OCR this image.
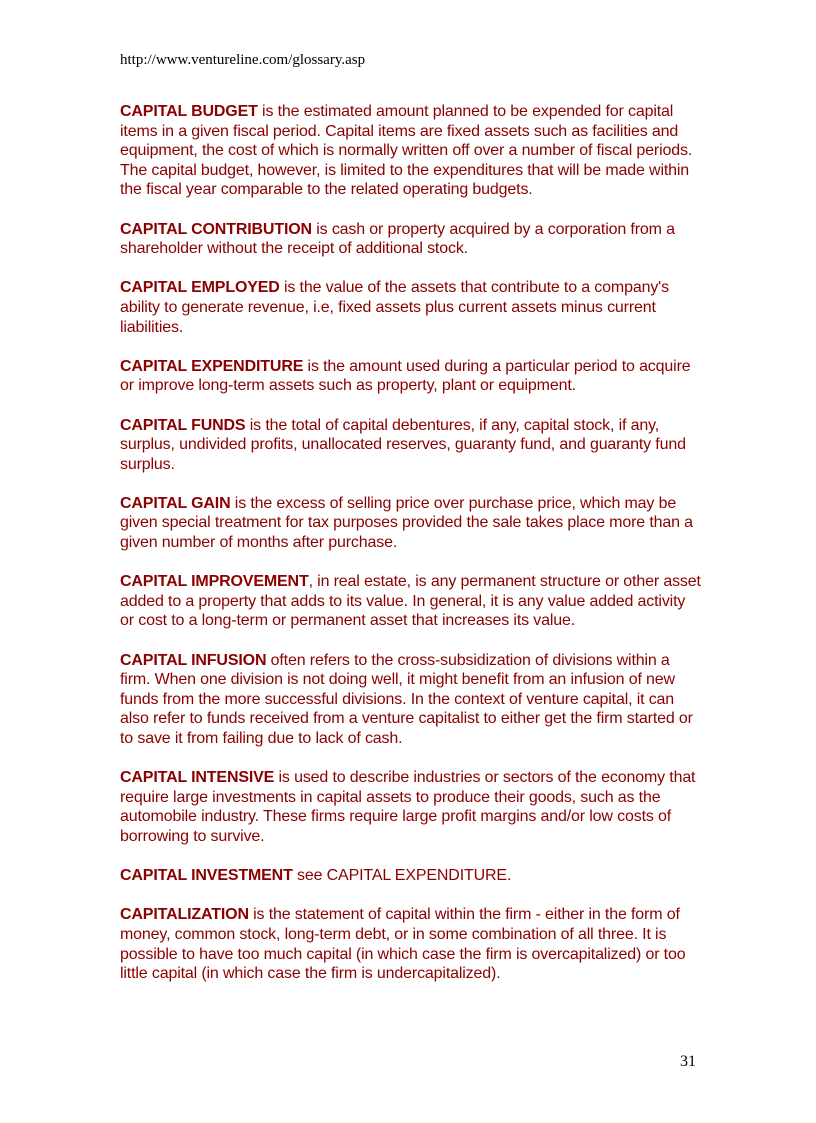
http://www.ventureline.com/glossary.asp

CAPITAL BUDGET is the estimated amount planned to be expended for capital items in a given fiscal period. Capital items are fixed assets such as facilities and equipment, the cost of which is normally written off over a number of fiscal periods. The capital budget, however, is limited to the expenditures that will be made within the fiscal year comparable to the related operating budgets.

CAPITAL CONTRIBUTION is cash or property acquired by a corporation from a shareholder without the receipt of additional stock.

CAPITAL EMPLOYED is the value of the assets that contribute to a company's ability to generate revenue, i.e, fixed assets plus current assets minus current liabilities.

CAPITAL EXPENDITURE is the amount used during a particular period to acquire or improve long-term assets such as property, plant or equipment.

CAPITAL FUNDS is the total of capital debentures, if any, capital stock, if any, surplus, undivided profits, unallocated reserves, guaranty fund, and guaranty fund surplus.

CAPITAL GAIN is the excess of selling price over purchase price, which may be given special treatment for tax purposes provided the sale takes place more than a given number of months after purchase.

CAPITAL IMPROVEMENT, in real estate, is any permanent structure or other asset added to a property that adds to its value. In general, it is any value added activity or cost to a long-term or permanent asset that increases its value.

CAPITAL INFUSION often refers to the cross-subsidization of divisions within a firm. When one division is not doing well, it might benefit from an infusion of new funds from the more successful divisions. In the context of venture capital, it can also refer to funds received from a venture capitalist to either get the firm started or to save it from failing due to lack of cash.

CAPITAL INTENSIVE is used to describe industries or sectors of the economy that require large investments in capital assets to produce their goods, such as the automobile industry. These firms require large profit margins and/or low costs of borrowing to survive.

CAPITAL INVESTMENT see CAPITAL EXPENDITURE.

CAPITALIZATION is the statement of capital within the firm - either in the form of money, common stock, long-term debt, or in some combination of all three. It is possible to have too much capital (in which case the firm is overcapitalized) or too little capital (in which case the firm is undercapitalized).

31
